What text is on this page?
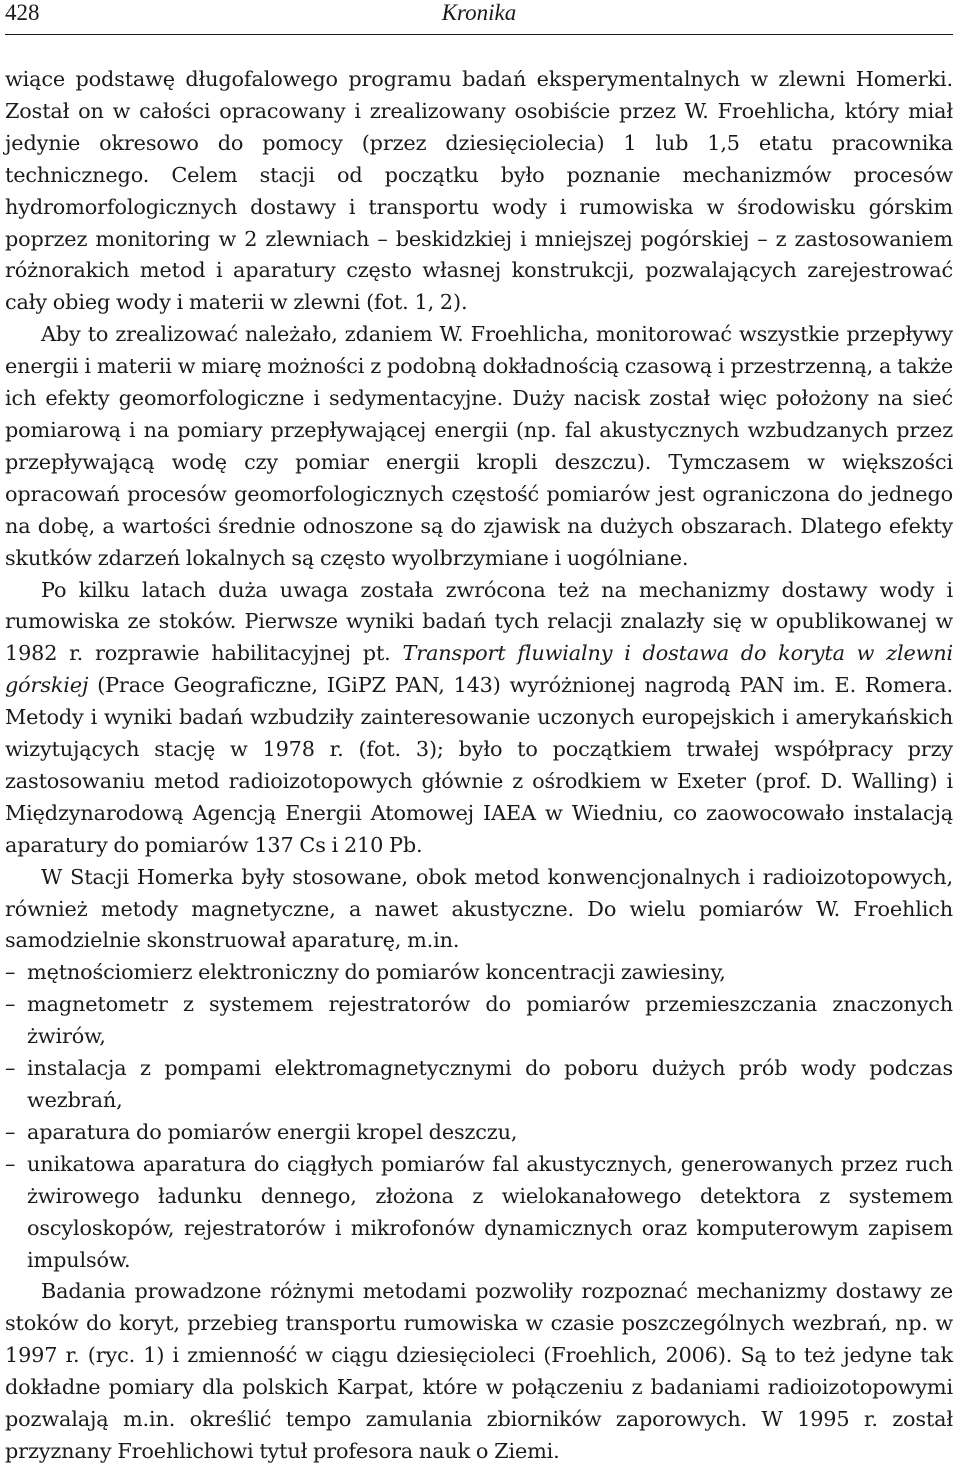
428	Kronika

wiące podstawę długofalowego programu badań eksperymentalnych w zlewni Homerki. Został on w całości opracowany i zrealizowany osobiście przez W. Froehlicha, który miał jedynie okresowo do pomocy (przez dziesięciolecia) 1 lub 1,5 etatu pracownika technicznego. Celem stacji od początku było poznanie mechanizmów procesów hydromorfologicznych dostawy i transportu wody i rumowiska w środowisku górskim poprzez monitoring w 2 zlewniach – beskidzkiej i mniejszej pogórskiej – z zastosowaniem różnorakich metod i aparatury często własnej konstrukcji, pozwalających zarejestrować cały obieg wody i materii w zlewni (fot. 1, 2).

Aby to zrealizować należało, zdaniem W. Froehlicha, monitorować wszystkie przepływy energii i materii w miarę możności z podobną dokładnością czasową i przestrzenną, a także ich efekty geomorfologiczne i sedymentacyjne. Duży nacisk został więc położony na sieć pomiarową i na pomiary przepływającej energii (np. fal akustycznych wzbudzanych przez przepływającą wodę czy pomiar energii kropli deszczu). Tymczasem w większości opracowań procesów geomorfologicznych częstość pomiarów jest ograniczona do jednego na dobę, a wartości średnie odnoszone są do zjawisk na dużych obszarach. Dlatego efekty skutków zdarzeń lokalnych są często wyolbrzymiane i uogólniane.

Po kilku latach duża uwaga została zwrócona też na mechanizmy dostawy wody i rumowiska ze stoków. Pierwsze wyniki badań tych relacji znalazły się w opublikowanej w 1982 r. rozprawie habilitacyjnej pt. Transport fluwialny i dostawa do koryta w zlewni górskiej (Prace Geograficzne, IGiPZ PAN, 143) wyróżnionej nagrodą PAN im. E. Romera. Metody i wyniki badań wzbudziły zainteresowanie uczonych europejskich i amerykańskich wizytujących stację w 1978 r. (fot. 3); było to początkiem trwałej współpracy przy zastosowaniu metod radioizotopowych głównie z ośrodkiem w Exeter (prof. D. Walling) i Międzynarodową Agencją Energii Atomowej IAEA w Wiedniu, co zaowocowało instalacją aparatury do pomiarów 137 Cs i 210 Pb.

W Stacji Homerka były stosowane, obok metod konwencjonalnych i radioizotopowych, również metody magnetyczne, a nawet akustyczne. Do wielu pomiarów W. Froehlich samodzielnie skonstruował aparaturę, m.in.

– mętnościomierz elektroniczny do pomiarów koncentracji zawiesiny,
– magnetometr z systemem rejestratorów do pomiarów przemieszczania znaczonych żwirów,
– instalacja z pompami elektromagnetycznymi do poboru dużych prób wody podczas wezbrań,
– aparatura do pomiarów energii kropel deszczu,
– unikatowa aparatura do ciągłych pomiarów fal akustycznych, generowanych przez ruch żwirowego ładunku dennego, złożona z wielokanałowego detektora z systemem oscyloskopów, rejestratorów i mikrofonów dynamicznych oraz komputerowym zapisem impulsów.

Badania prowadzone różnymi metodami pozwoliły rozpoznać mechanizmy dostawy ze stoków do koryt, przebieg transportu rumowiska w czasie poszczególnych wezbrań, np. w 1997 r. (ryc. 1) i zmienność w ciągu dziesięcioleci (Froehlich, 2006). Są to też jedyne tak dokładne pomiary dla polskich Karpat, które w połączeniu z badaniami radioizotopowymi pozwalają m.in. określić tempo zamulania zbiorników zaporowych. W 1995 r. został przyznany Froehlichowi tytuł profesora nauk o Ziemi.
